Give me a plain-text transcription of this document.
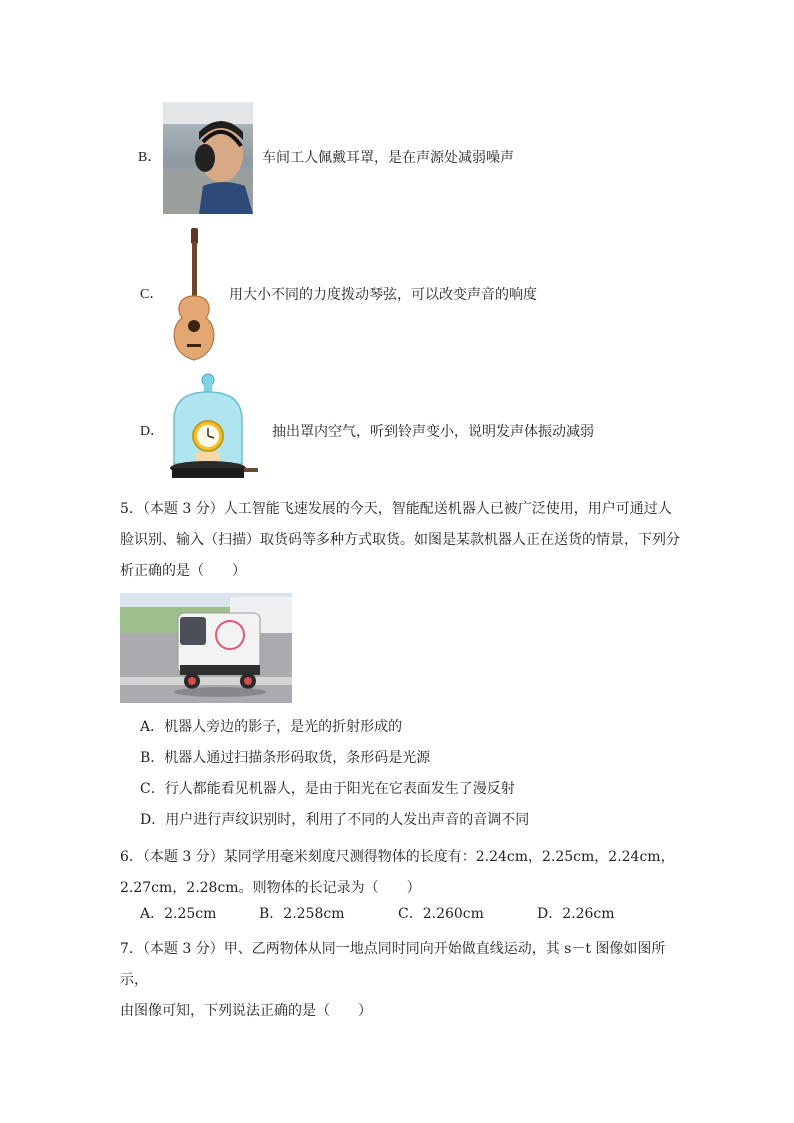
B．	车间工人佩戴耳罩，是在声源处减弱噪声
C．	用大小不同的力度拨动琴弦，可以改变声音的响度
D．	抽出罩内空气，听到铃声变小，说明发声体振动减弱
5．（本题 3 分）人工智能飞速发展的今天，智能配送机器人已被广泛使用，用户可通过人
脸识别、输入（扫描）取货码等多种方式取货。如图是某款机器人正在送货的情景，下列分
析正确的是（　　）
A．机器人旁边的影子，是光的折射形成的
B．机器人通过扫描条形码取货，条形码是光源
C．行人都能看见机器人，是由于阳光在它表面发生了漫反射
D．用户进行声纹识别时，利用了不同的人发出声音的音调不同
6．（本题 3 分）某同学用毫米刻度尺测得物体的长度有：2.24cm，2.25cm，2.24cm，
2.27cm，2.28cm。则物体的长记录为（　　）
A．2.25cm	B．2.258cm	C．2.260cm	D．2.26cm
7．（本题 3 分）甲、乙两物体从同一地点同时同向开始做直线运动，其 s－t 图像如图所示，
由图像可知，下列说法正确的是（　　）
